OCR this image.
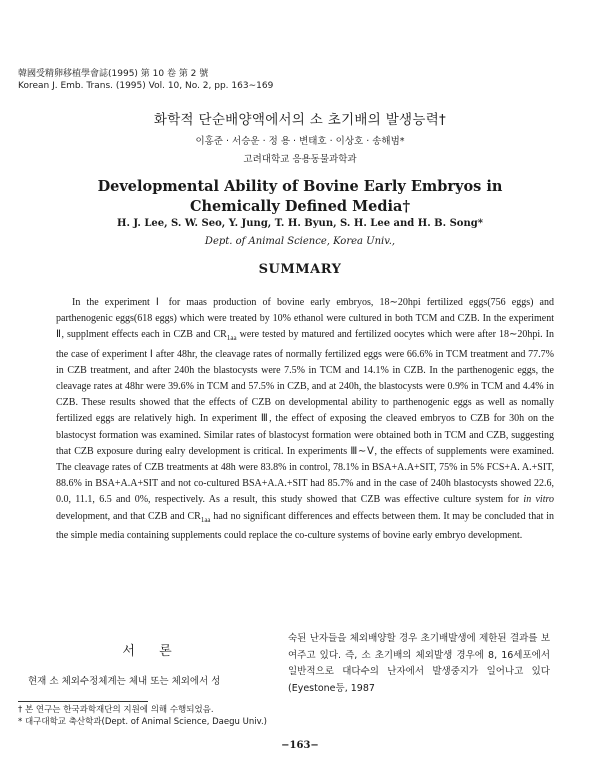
韓國受精卵移植學會誌(1995) 第 10 卷 第 2 號
Korean J. Emb. Trans. (1995) Vol. 10, No. 2, pp. 163∼169
화학적 단순배양액에서의 소 초기배의 발생능력†
이홍준 · 서승운 · 정 용 · 변태호 · 이상호 · 송해범*
고려대학교 응용동물과학과
Developmental Ability of Bovine Early Embryos in
Chemically Defined Media†
H. J. Lee, S. W. Seo, Y. Jung, T. H. Byun, S. H. Lee and H. B. Song*
Dept. of Animal Science, Korea Univ.,
SUMMARY

In the experiment Ⅰ for maas production of bovine early embryos, 18∼20hpi fertilized eggs(756 eggs) and parthenogenic eggs(618 eggs) which were treated by 10% ethanol were cultured in both TCM and CZB. In the experiment Ⅱ, supplment effects each in CZB and $CR_{1aa}$ were tested by matured and fertilized oocytes which were after 18∼20hpi. In the case of experiment Ⅰ after 48hr, the cleavage rates of normally fertilized eggs were 66.6% in TCM treatment and 77.7% in CZB treatment, and after 240h the blastocysts were 7.5% in TCM and 14.1% in CZB. In the parthenogenic eggs, the cleavage rates at 48hr were 39.6% in TCM and 57.5% in CZB, and at 240h, the blastocysts were 0.9% in TCM and 4.4% in CZB. These results showed that the effects of CZB on developmental ability to parthenogenic eggs as well as nomally fertilized eggs are relatively high. In experiment Ⅲ, the effect of exposing the cleaved embryos to CZB for 30h on the blastocyst formation was examined. Similar rates of blastocyst formation were obtained both in TCM and CZB, suggesting that CZB exposure during ealry development is critical. In experiments Ⅲ∼Ⅴ, the effects of supplements were examined. The cleavage rates of CZB treatments at 48h were 83.8% in control, 78.1% in BSA+A.A+SIT, 75% in 5% FCS+A. A.+SIT, 88.6% in BSA+A.A+SIT and not co-cultured BSA+A.A.+SIT had 85.7% and in the case of 240h blastocysts showed 22.6, 0.0, 11.1, 6.5 and 0%, respectively. As a result, this study showed that CZB was effective culture system for in vitro development, and that CZB and $CR_{1aa}$ had no significant differences and effects between them. It may be concluded that in the simple media containing supplements could replace the co-culture systems of bovine early embryo development.

서 론

현재 소 체외수정체계는 체내 또는 체외에서 성

숙된 난자들을 체외배양할 경우 초기배발생에 제한된 결과를 보여주고 있다. 즉, 소 초기배의 체외발생 경우에 8, 16세포에서 일반적으로 대다수의 난자에서 발생중지가 일어나고 있다(Eyestone등, 1987

† 본 연구는 한국과학재단의 지원에 의해 수행되었음.
* 대구대학교 축산학과(Dept. of Animal Science, Daegu Univ.)
−163−
